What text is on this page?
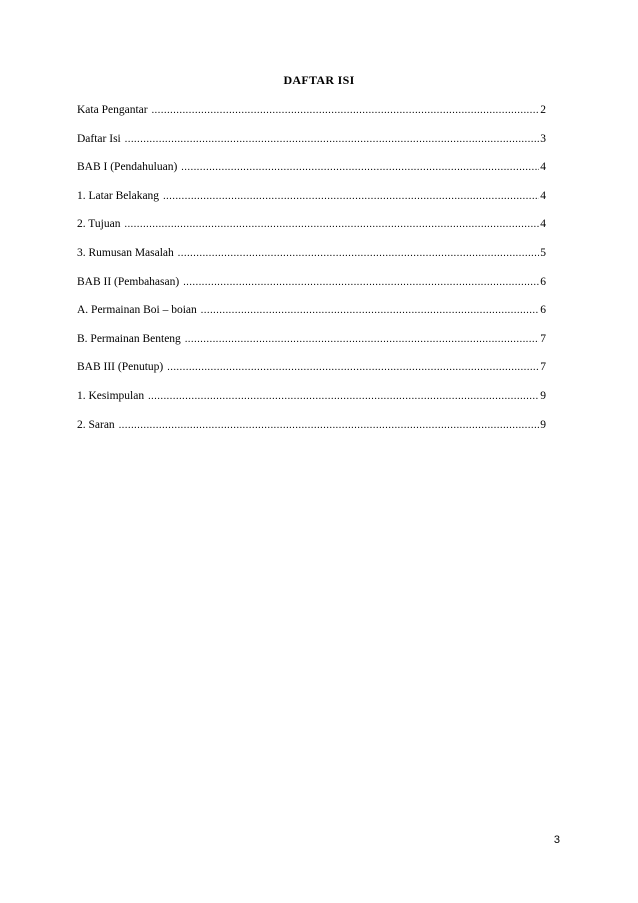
DAFTAR ISI
Kata Pengantar .....	2
Daftar Isi .....	3
BAB I (Pendahuluan) .....	4
1. Latar Belakang .....	4
2. Tujuan .....	4
3. Rumusan Masalah .....	5
BAB II (Pembahasan) .....	6
A. Permainan Boi – boian .....	6
B. Permainan Benteng .....	7
BAB III (Penutup) .....	7
1. Kesimpulan .....	9
2. Saran .....	9
3
